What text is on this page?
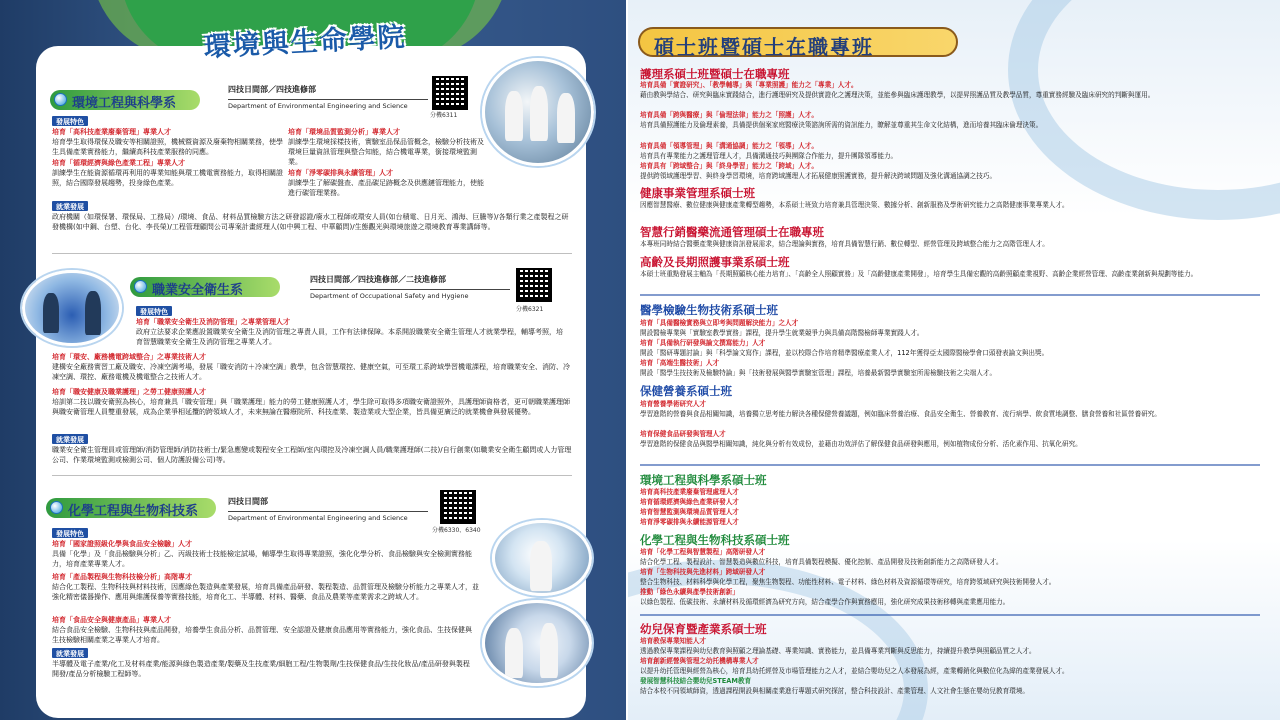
環境與生命學院
環境工程與科學系
四技日間部／四技進修部
Department of Environmental Engineering and Science
分機6311
發展特色
培育「高科技產業廢棄管理」專業人才
培育學生取得環保及職安等相關證照，機械暨資源及廢棄物相關業務，使學生具備產業實務能力，繼續高科技產業服務的同應。
培育「環境品質監測分析」專業人才
訓練學生環境採樣技術，實驗室品保品管概念，檢驗分析技術及環境巨量資訊管理與整合知能，結合機電專業，銜接環境監測業。
培育「循環經濟與綠色產業工程」專業人才
訓練學生在能資源循環再利用的專業知能與環工機電實務能力，取得相關證照，結合國際發展趨勢，投身綠色產業。
培育「淨零碳排與永續管理」人才
訓練學生了解碳盤查、產品碳足跡概念及供應鏈管理能力，使能進行碳管理業務。
就業發展
政府機關（如環保署、環保局、工務局）/環境、食品、材料品質檢驗方法之研發認證/廢水工程師或環安人員(如台積電、日月光、鴻海、巨騰等)/各類行業之產製程之研發機構(如中鋼、台塑、台化、李長榮)/工程管理顧問公司專案計畫經理人(如中興工程、中華顧問)/生態觀光與環境旅遊之環境教育專業講師等。
職業安全衛生系
四技日間部／四技進修部／二技進修部
Department of Occupational Safety and Hygiene
分機6321
發展特色
培育「職業安全衛生及消防管理」之專業管理人才
政府立法要求企業應設置職業安全衛生及消防管理之專責人員，工作有法律保障。本系開設職業安全衛生管理人才就業學程，輔導考照，培育智慧職業安全衛生及消防管理之專業人才。
培育「環安、廠務機電跨域整合」之專業技術人才
建構安全廠務實習工廠及職安、冷凍空調考場，發展「職安消防＋冷凍空調」教學，包含智慧環控、健康空氣，可至環工系跨域學習機電課程，培育職業安全、消防、冷凍空調、環控、廠務電機及機電整合之技術人才。
培育「職安健康及職業護理」之勞工健康照護人才
培訓第二技以職安衛照為核心，培育兼具「職安管理」與「職業護理」能力的勞工健康照護人才，學生除可取得多項職安衛證照外，具護理師資格者，更可朝職業護理師與職安衛管理人員雙重發展，成為企業爭相延攬的跨領域人才，未來無論在醫療院所、科技產業、製造業或大型企業，皆具備更廣泛的就業機會與發展優勢。
就業發展
職業安全衛生管理員或管理師/消防管理師/消防技術士/緊急應變或製程安全工程師/室內環控及冷凍空調人員/職業護理師(二技)/自行創業(如職業安全衛生顧問或人力管理公司、作業環境監測或檢測公司、個人防護設備公司)等。
化學工程與生物科技系
四技日間部
Department of Environmental Engineering and Science
分機6330、6340
發展特色
培育「國家證照級化學與食品安全檢驗」人才
具備「化學」及「食品檢驗與分析」乙、丙級技術士技能檢定試場，輔導學生取得專業證照，強化化學分析、食品檢驗與安全檢測實務能力，培育產業專業人才。
培育「產品製程與生物科技檢分析」高階專才
結合化工製程、生物科技與材料技術，因應綠色製造與產業發展，培育具備產品研發、製程製造、品質管理及檢驗分析能力之專業人才，並強化精密儀器操作、應用與維護保養等實務技能，培育化工、半導體、材料、醫藥、食品及農業等產業需求之跨域人才。
培育「食品安全與健康產品」專業人才
結合食品安全檢驗、生物科技與產品開發，培養學生食品分析、品質管理、安全認證及健康食品應用等實務能力，強化食品、生技保健與生技檢驗相關產業之專業人才培育。
就業發展
半導體及電子產業/化工及材料產業/能源與綠色製造產業/製藥及生技產業/細胞工程/生物製劑/生技保健食品/生技化妝品/產品研發與製程開發/產品分析檢驗工程師等。
碩士班暨碩士在職專班
護理系碩士班暨碩士在職專班
培育具備「實證研究」、「教學輔導」與「專業照護」能力之「專業」人才。
藉由教與學結合、研究與臨床實踐結合，進行護理研究及提供實證化之護理決策，並能參與臨床護理教學，以提昇照護品質及教學品質，尊重實務經驗及臨床研究的判斷與運用。
培育具備「跨與醫療」與「倫理法律」能力之「照護」人才。
培育具備照護能力及倫理素養，具備提供個案家庭醫療決策諮詢所需的資訊能力，瞭解並尊重其生命文化結構，進而培養其臨床倫理決策。
培育具備「領導管理」與「溝通協調」能力之「領導」人才。
培育具有專業能力之護理管理人才，具備溝通技巧與團隊合作能力，提升團隊領導能力。
培育具有「跨域整合」與「終身學習」能力之「跨域」人才。
提供跨領域護理學習、與終身學習環境，培育跨域護理人才拓展健康照護實務，提升解決跨域問題及強化溝通協調之技巧。
健康事業管理系碩士班
因應智慧醫療、數位健康與健康產業轉型趨勢，本系碩士班致力培育兼具管理決策、數據分析、創新服務及學術研究能力之高階健康事業專業人才。
智慧行銷醫藥流通管理碩士在職專班
本專班同時結合醫藥產業與健康資訊發展需求，結合理論與實務，培育具備智慧行銷、數位轉型、經營管理及跨域整合能力之高階管理人才。
高齡及長期照護事業系碩士班
本碩士班重點發展主軸為「長期照顧核心能力培育」、「高齡全人照顧實務」及「高齡健康產業開發」，培育學生具備宏觀的高齡照顧產業視野、高齡企業經營管理、高齡產業創新與規劃等能力。
醫學檢驗生物技術系碩士班
培育「具備醫檢實務與立即考與問題解決能力」之人才
開設醫檢專業與「實驗室教學實務」課程，提升學生就業競爭力與具備高階醫檢師專業實踐人才。
培育「具備執行研發與論文撰寫能力」人才
開設「醫研專題討論」與「科學論文寫作」課程，並以校際合作培育精準醫療產業人才，112年獲得亞太國際醫檢學會口頭發表論文與出獎。
培育「高端生醫技術」人才
開設「醫學生技技術及檢驗特論」與「技術發展與醫學實驗室管理」課程，培養最新醫學實驗室所需檢驗技術之尖端人才。
保健營養系碩士班
培育營養學術研究人才
學習進階的營養與食品相關知識，培養獨立思考能力解決各種保健營養議題，例如臨床營養治療、食品安全衛生、營養教育、流行病學、飲食質地調整、膳食營養和社區營養研究。
培育保健食品研發與管理人才
學習進階的保健食品與醫學相關知識，純化與分析有效成份，並藉由功效評估了解保健食品研發與應用，例如植物成份分析、活化素作用、抗氧化研究。
環境工程與科學系碩士班
培育高科技產業廢棄管理處理人才
培育循環經濟與綠色產業研發人才
培育智慧監測與環境品質管理人才
培育淨零碳排與永續能源管理人才
化學工程與生物科技系碩士班
培育「化學工程與智慧製程」高階研發人才
結合化學工程、製程設計、智慧製造與數位科技，培育具備製程模擬、優化控制、產品開發及技術創新能力之高階研發人才。
培育「生物科技與先進材料」跨域研發人才
整合生物科技、材料科學與化學工程，聚焦生物製程、功能性材料、電子材料、綠色材料及資源循環等研究，培育跨領域研究與技術開發人才。
推動「綠色永續與產學技術創新」
以綠色製程、低碳技術、永續材料及循環經濟為研究方向，結合產學合作與實務應用，強化研究成果技術移轉與產業應用能力。
幼兒保育暨產業系碩士班
培育教保專業知能人才
透過教保專業課程與幼兒教育與照顧之理論基礎、專業知識、實務能力，並具備專業判斷與反思能力，持續提升教學與照顧品質之人才。
培育創新經營與管理之幼托機構專業人才
以提升幼托管理與經營為核心，培育具幼托經營及市場管理能力之人才，並結合嬰幼兒之人本發展為經，產業轉銷化與數位化為緯的產業發展人才。
發展智慧科技結合嬰幼兒STEAM教育
結合本校不同領域師資，透過課程開設與相關產業進行專題式研究探討，整合科技設計、產業管理、人文社會生態在嬰幼兒教育環境。
